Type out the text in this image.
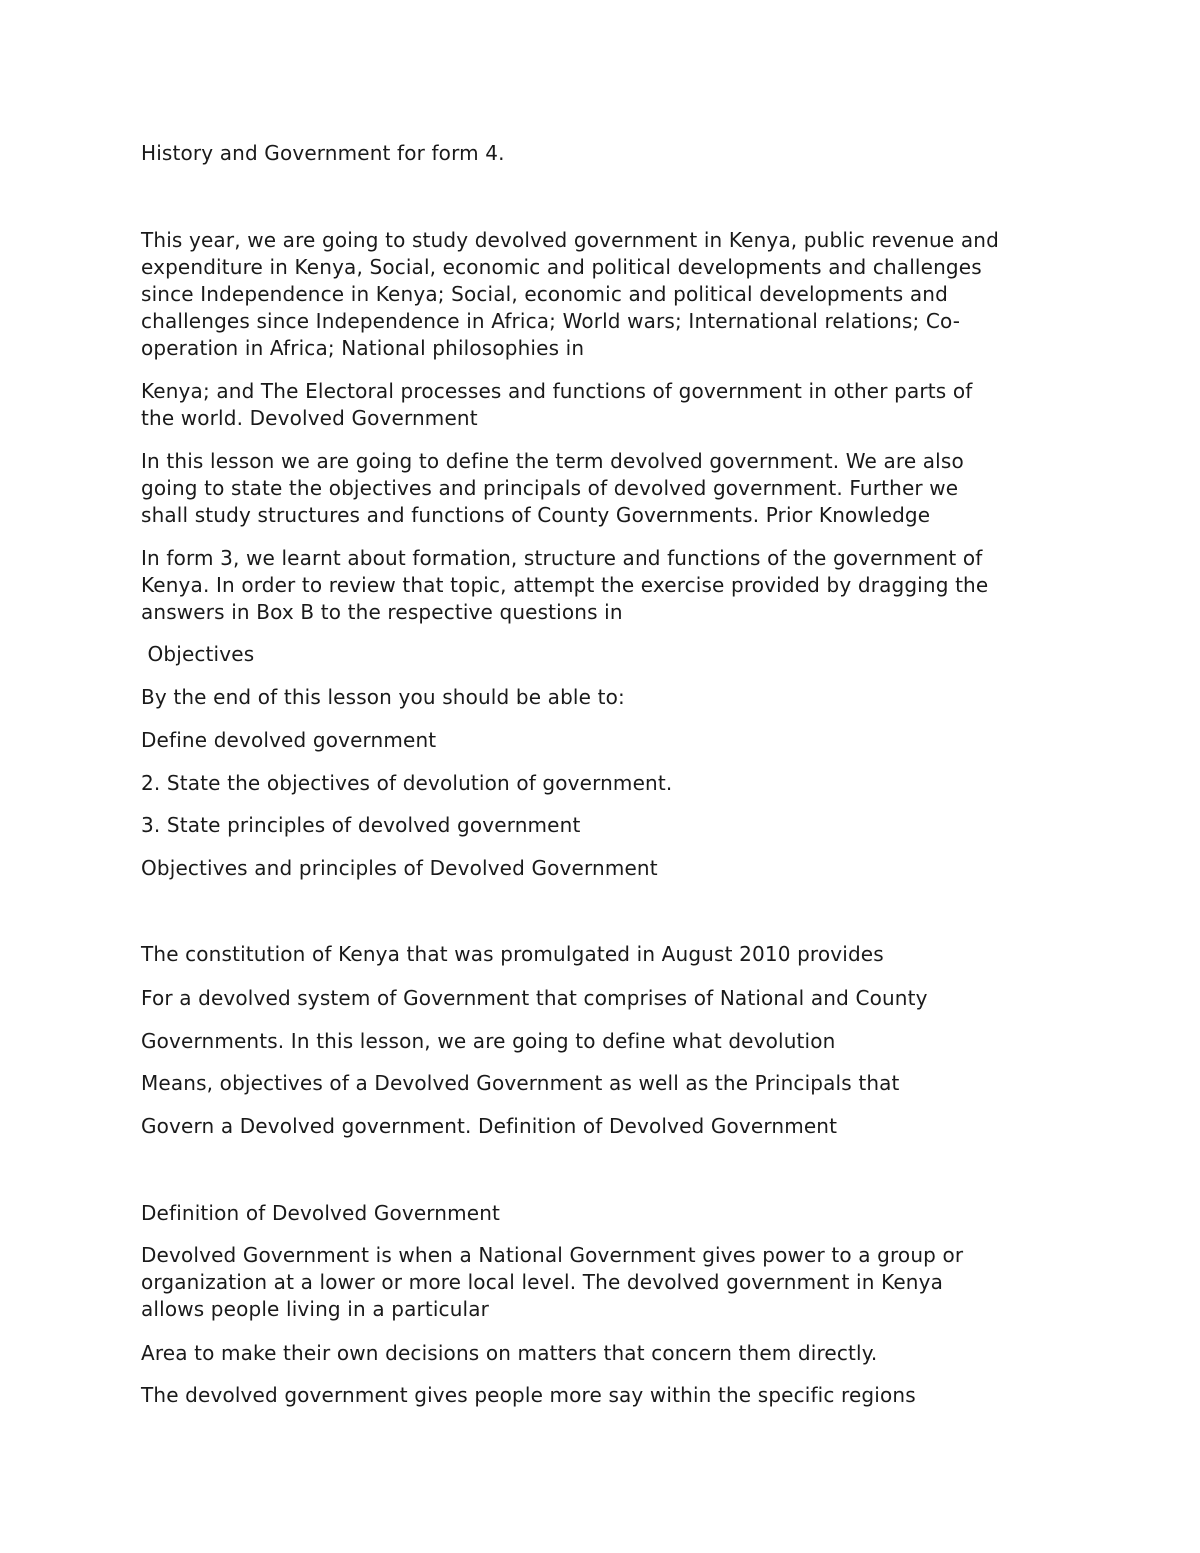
History and Government for form 4.

This year, we are going to study devolved government in Kenya, public revenue and
expenditure in Kenya, Social, economic and political developments and challenges
since Independence in Kenya; Social, economic and political developments and
challenges since Independence in Africa; World wars; International relations; Co-
operation in Africa; National philosophies in
Kenya; and The Electoral processes and functions of government in other parts of
the world. Devolved Government
In this lesson we are going to define the term devolved government. We are also
going to state the objectives and principals of devolved government. Further we
shall study structures and functions of County Governments. Prior Knowledge
In form 3, we learnt about formation, structure and functions of the government of
Kenya. In order to review that topic, attempt the exercise provided by dragging the
answers in Box B to the respective questions in

Objectives

By the end of this lesson you should be able to:

Define devolved government

2. State the objectives of devolution of government.

3. State principles of devolved government

Objectives and principles of Devolved Government

The constitution of Kenya that was promulgated in August 2010 provides

For a devolved system of Government that comprises of National and County

Governments. In this lesson, we are going to define what devolution

Means, objectives of a Devolved Government as well as the Principals that

Govern a Devolved government. Definition of Devolved Government

Definition of Devolved Government

Devolved Government is when a National Government gives power to a group or
organization at a lower or more local level. The devolved government in Kenya
allows people living in a particular

Area to make their own decisions on matters that concern them directly.

The devolved government gives people more say within the specific regions
